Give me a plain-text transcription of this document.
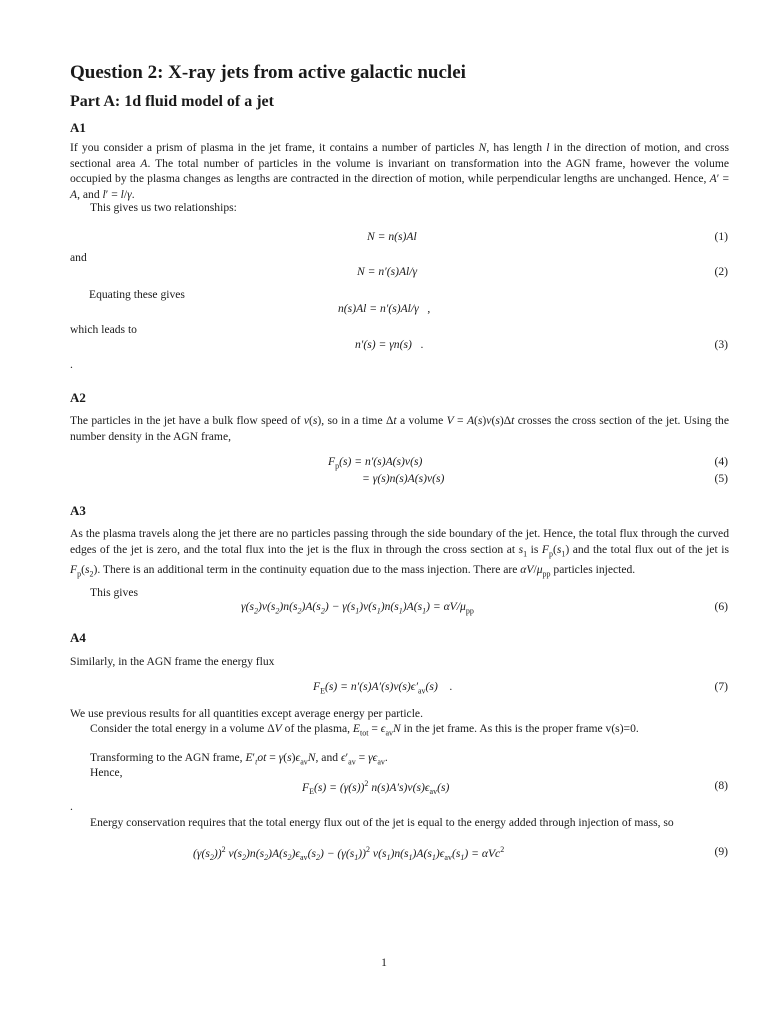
Question 2: X-ray jets from active galactic nuclei
Part A: 1d fluid model of a jet
A1

If you consider a prism of plasma in the jet frame, it contains a number of particles N, has length l in the direction of motion, and cross sectional area A. The total number of particles in the volume is invariant on transformation into the AGN frame, however the volume occupied by the plasma changes as lengths are contracted in the direction of motion, while perpendicular lengths are unchanged. Hence, A′ = A, and l′ = l/γ.

This gives us two relationships:

N = n(s)Al	(1)
and
N = n′(s)Al/γ	(2)
Equating these gives
n(s)Al = n′(s)Al/γ ,
which leads to
n′(s) = γn(s)   .	(3)
.
A2

The particles in the jet have a bulk flow speed of v(s), so in a time Δt a volume V = A(s)v(s)Δt crosses the cross section of the jet. Using the number density in the AGN frame,

$F_p(s) = n'(s)A(s)v(s)$	(4)
= γ(s)n(s)A(s)v(s)	(5)
A3

As the plasma travels along the jet there are no particles passing through the side boundary of the jet. Hence, the total flux through the curved edges of the jet is zero, and the total flux into the jet is the flux in through the cross section at $s_1$ is $F_p(s_1)$ and the total flux out of the jet is $F_p(s_2)$. There is an additional term in the continuity equation due to the mass injection. There are $\alpha V/\mu_{pp}$ particles injected.

This gives

$\gamma(s_2)v(s_2)n(s_2)A(s_2) - \gamma(s_1)v(s_1)n(s_1)A(s_1) = \alpha V/\mu_{pp}$	(6)
A4

Similarly, in the AGN frame the energy flux

$F_E(s) = n'(s)A'(s)v(s)\epsilon'_{av}(s)$    .	(7)

We use previous results for all quantities except average energy per particle.

Consider the total energy in a volume ΔV of the plasma, $E_{tot} = \epsilon_{av}N$ in the jet frame. As this is the proper frame v(s)=0.

Transforming to the AGN frame, $E'_tot = \gamma(s)\epsilon_{av}N$, and $\epsilon'_{av} = \gamma\epsilon_{av}$.

Hence,

$F_E(s) = (\gamma(s))^2$ $n(s)A's)v(s)\epsilon_{av}(s)$	(8)
.

Energy conservation requires that the total energy flux out of the jet is equal to the energy added through injection of mass, so

$(\gamma(s_2))^2$ $v(s_2)n(s_2)A(s_2)\epsilon_{av}(s_2) - (\gamma(s_1))^2$ $v(s_1)n(s_1)A(s_1)\epsilon_{av}(s_1) = \alpha Vc^2$	(9)
1
